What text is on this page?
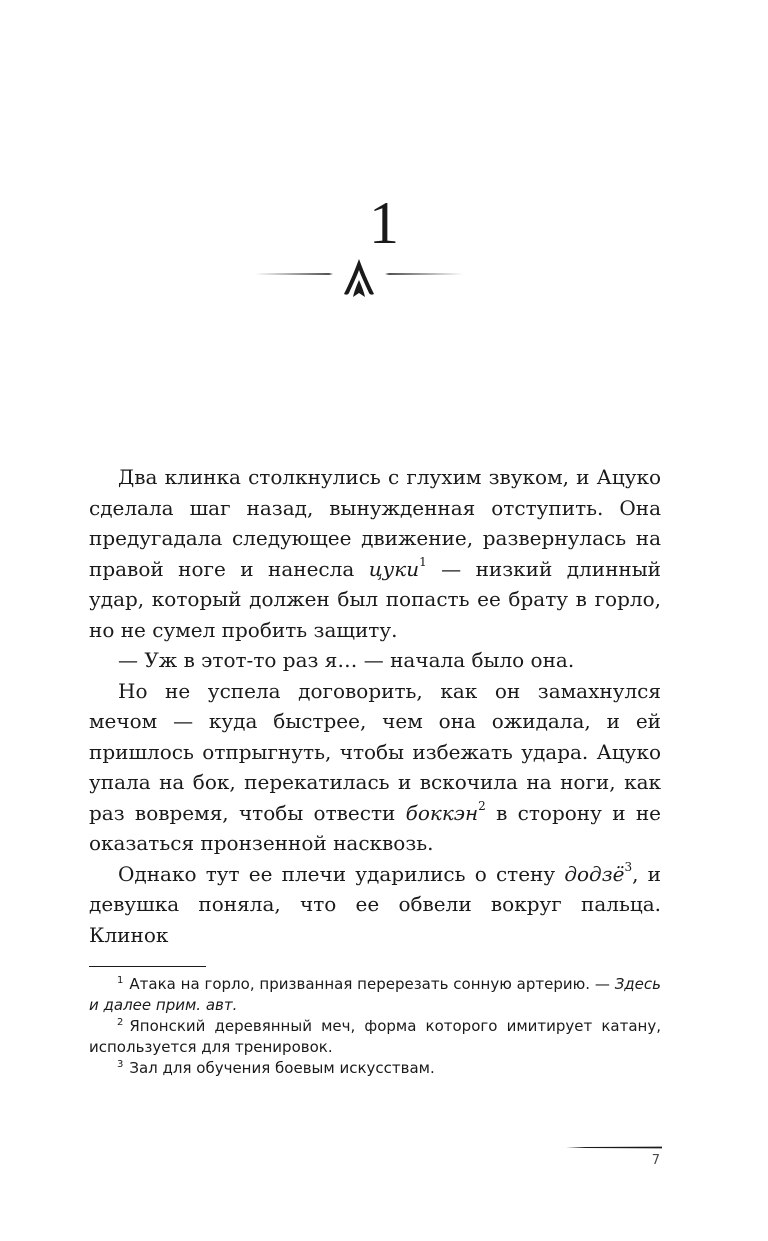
1

Два клинка столкнулись с глухим звуком, и Ацуко сделала шаг назад, вынужденная отступить. Она предугадала следующее движение, развернулась на правой ноге и нанесла цуки$^1$ — низкий длинный удар, который должен был попасть ее брату в горло, но не сумел пробить защиту.

— Уж в этот-то раз я… — начала было она.

Но не успела договорить, как он замахнулся мечом — куда быстрее, чем она ожидала, и ей пришлось отпрыгнуть, чтобы избежать удара. Ацуко упала на бок, перекатилась и вскочила на ноги, как раз вовремя, чтобы отвести боккэн$^2$ в сторону и не оказаться пронзенной насквозь.

Однако тут ее плечи ударились о стену додзё$^3$, и девушка поняла, что ее обвели вокруг пальца. Клинок

$^1$ Атака на горло, призванная перерезать сонную артерию. — Здесь и далее прим. авт.

$^2$ Японский деревянный меч, форма которого имитирует катану, используется для тренировок.

$^3$ Зал для обучения боевым искусствам.

7
